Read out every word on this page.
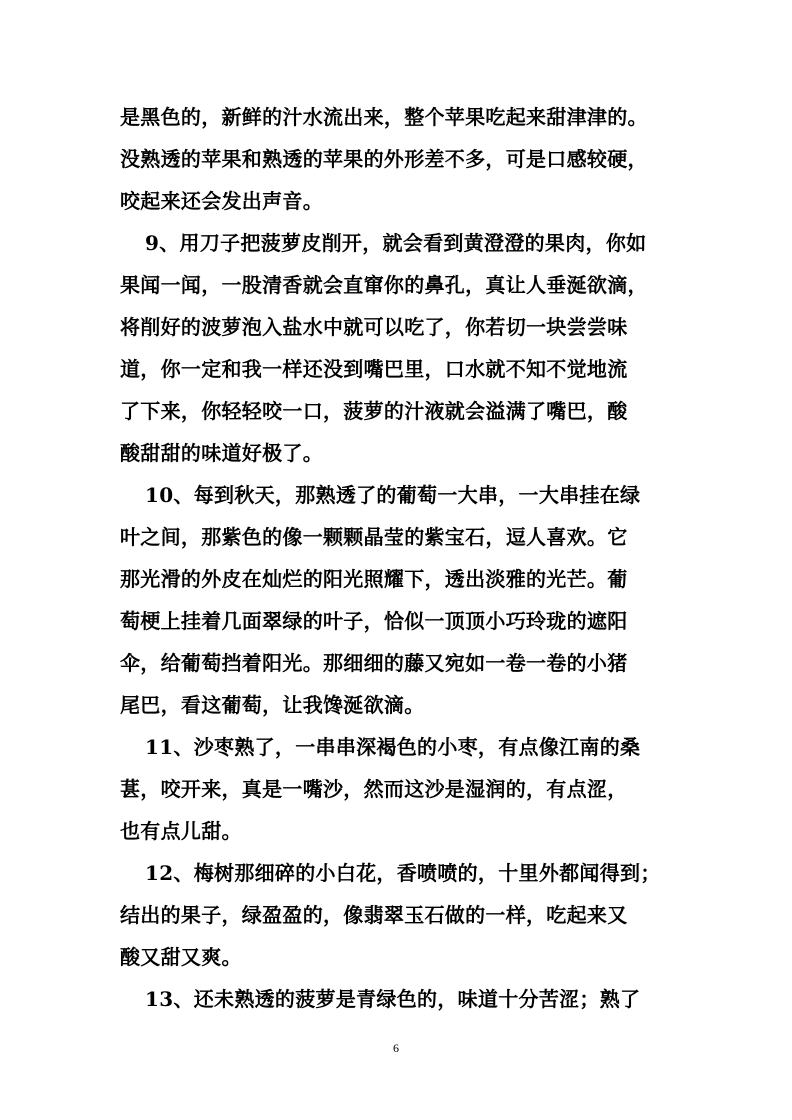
是黑色的，新鲜的汁水流出来，整个苹果吃起来甜津津的。
没熟透的苹果和熟透的苹果的外形差不多，可是口感较硬，
咬起来还会发出声音。
9、用刀子把菠萝皮削开，就会看到黄澄澄的果肉，你如
果闻一闻，一股清香就会直窜你的鼻孔，真让人垂涎欲滴，
将削好的波萝泡入盐水中就可以吃了，你若切一块尝尝味
道，你一定和我一样还没到嘴巴里，口水就不知不觉地流
了下来，你轻轻咬一口，菠萝的汁液就会溢满了嘴巴，酸
酸甜甜的味道好极了。
10、每到秋天，那熟透了的葡萄一大串，一大串挂在绿
叶之间，那紫色的像一颗颗晶莹的紫宝石，逗人喜欢。它
那光滑的外皮在灿烂的阳光照耀下，透出淡雅的光芒。葡
萄梗上挂着几面翠绿的叶子，恰似一顶顶小巧玲珑的遮阳
伞，给葡萄挡着阳光。那细细的藤又宛如一卷一卷的小猪
尾巴，看这葡萄，让我馋涎欲滴。
11、沙枣熟了，一串串深褐色的小枣，有点像江南的桑
葚，咬开来，真是一嘴沙，然而这沙是湿润的，有点涩，
也有点儿甜。
12、梅树那细碎的小白花，香喷喷的，十里外都闻得到；
结出的果子，绿盈盈的，像翡翠玉石做的一样，吃起来又
酸又甜又爽。
13、还未熟透的菠萝是青绿色的，味道十分苦涩；熟了
6
